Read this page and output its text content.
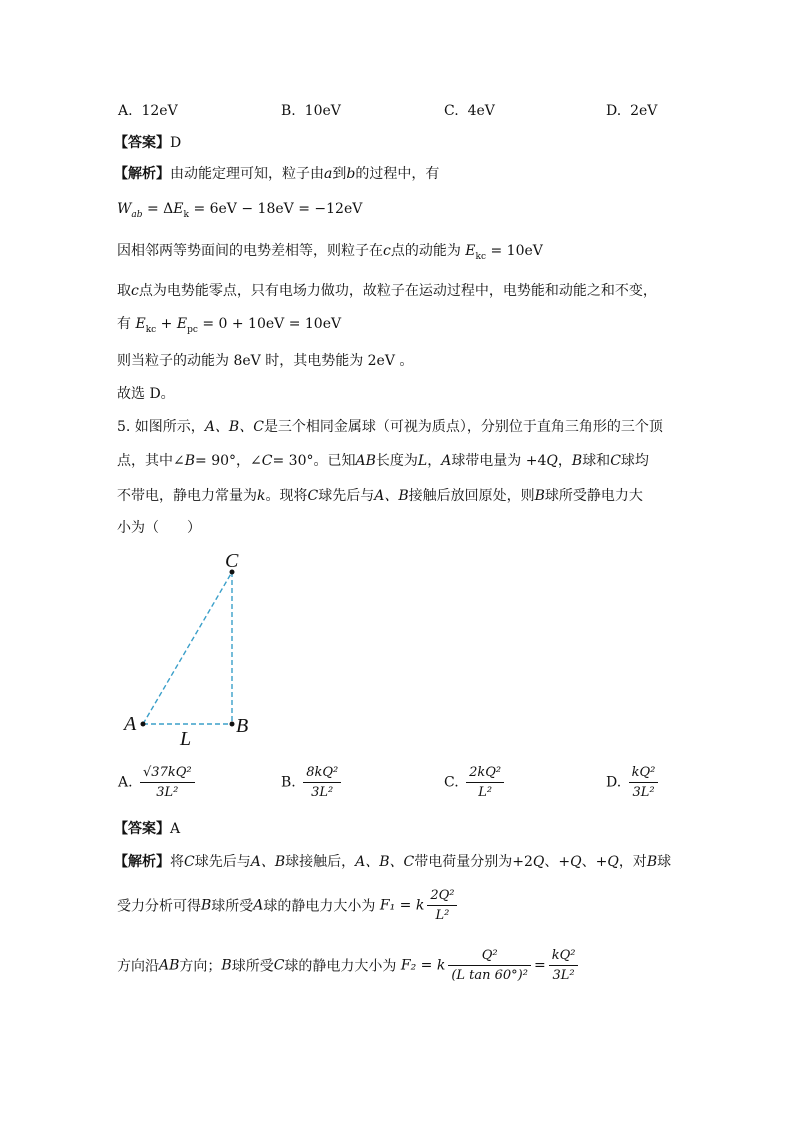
A. 12eV	B. 10eV	C. 4eV	D. 2eV
【答案】D
【解析】由动能定理可知，粒子由a到b的过程中，有
$W_{ab} = \Delta E_k = 6eV - 18eV = -12eV$
因相邻两等势面间的电势差相等，则粒子在c点的动能为 $E_{kc} = 10eV$
取c点为电势能零点，只有电场力做功，故粒子在运动过程中，电势能和动能之和不变，
有 $E_{kc} + E_{pc} = 0 + 10eV = 10eV$
则当粒子的动能为 8eV 时，其电势能为 2eV 。
故选 D。
5. 如图所示，A、B、C是三个相同金属球（可视为质点），分别位于直角三角形的三个顶
点，其中∠B= 90°，∠C= 30°。已知AB长度为L，A球带电量为 +4Q，B球和C球均
不带电，静电力常量为k。现将C球先后与A、B接触后放回原处，则B球所受静电力大
小为（　　）
A	B
C
L
A. $\frac{\text{√37kQ²}}{\text{3L²}}$	B. $\frac{\text{8kQ²}}{\text{3L²}}$	C. $\frac{\text{2kQ²}}{\text{L²}}$	D. $\frac{\text{kQ²}}{\text{3L²}}$
【答案】A
【解析】将C球先后与A、B球接触后，A、B、C带电荷量分别为+2Q、+Q、+Q，对B球
受力分析可得B球所受A球的静电力大小为 F₁ = k $\frac{\text{2Q²}}{\text{L²}}$
方向沿AB方向；B球所受C球的静电力大小为 F₂ = k $\frac{\text{Q²}}{\text{(L tan 60°)²}} = \frac{\text{kQ²}}{\text{3L²}}$
